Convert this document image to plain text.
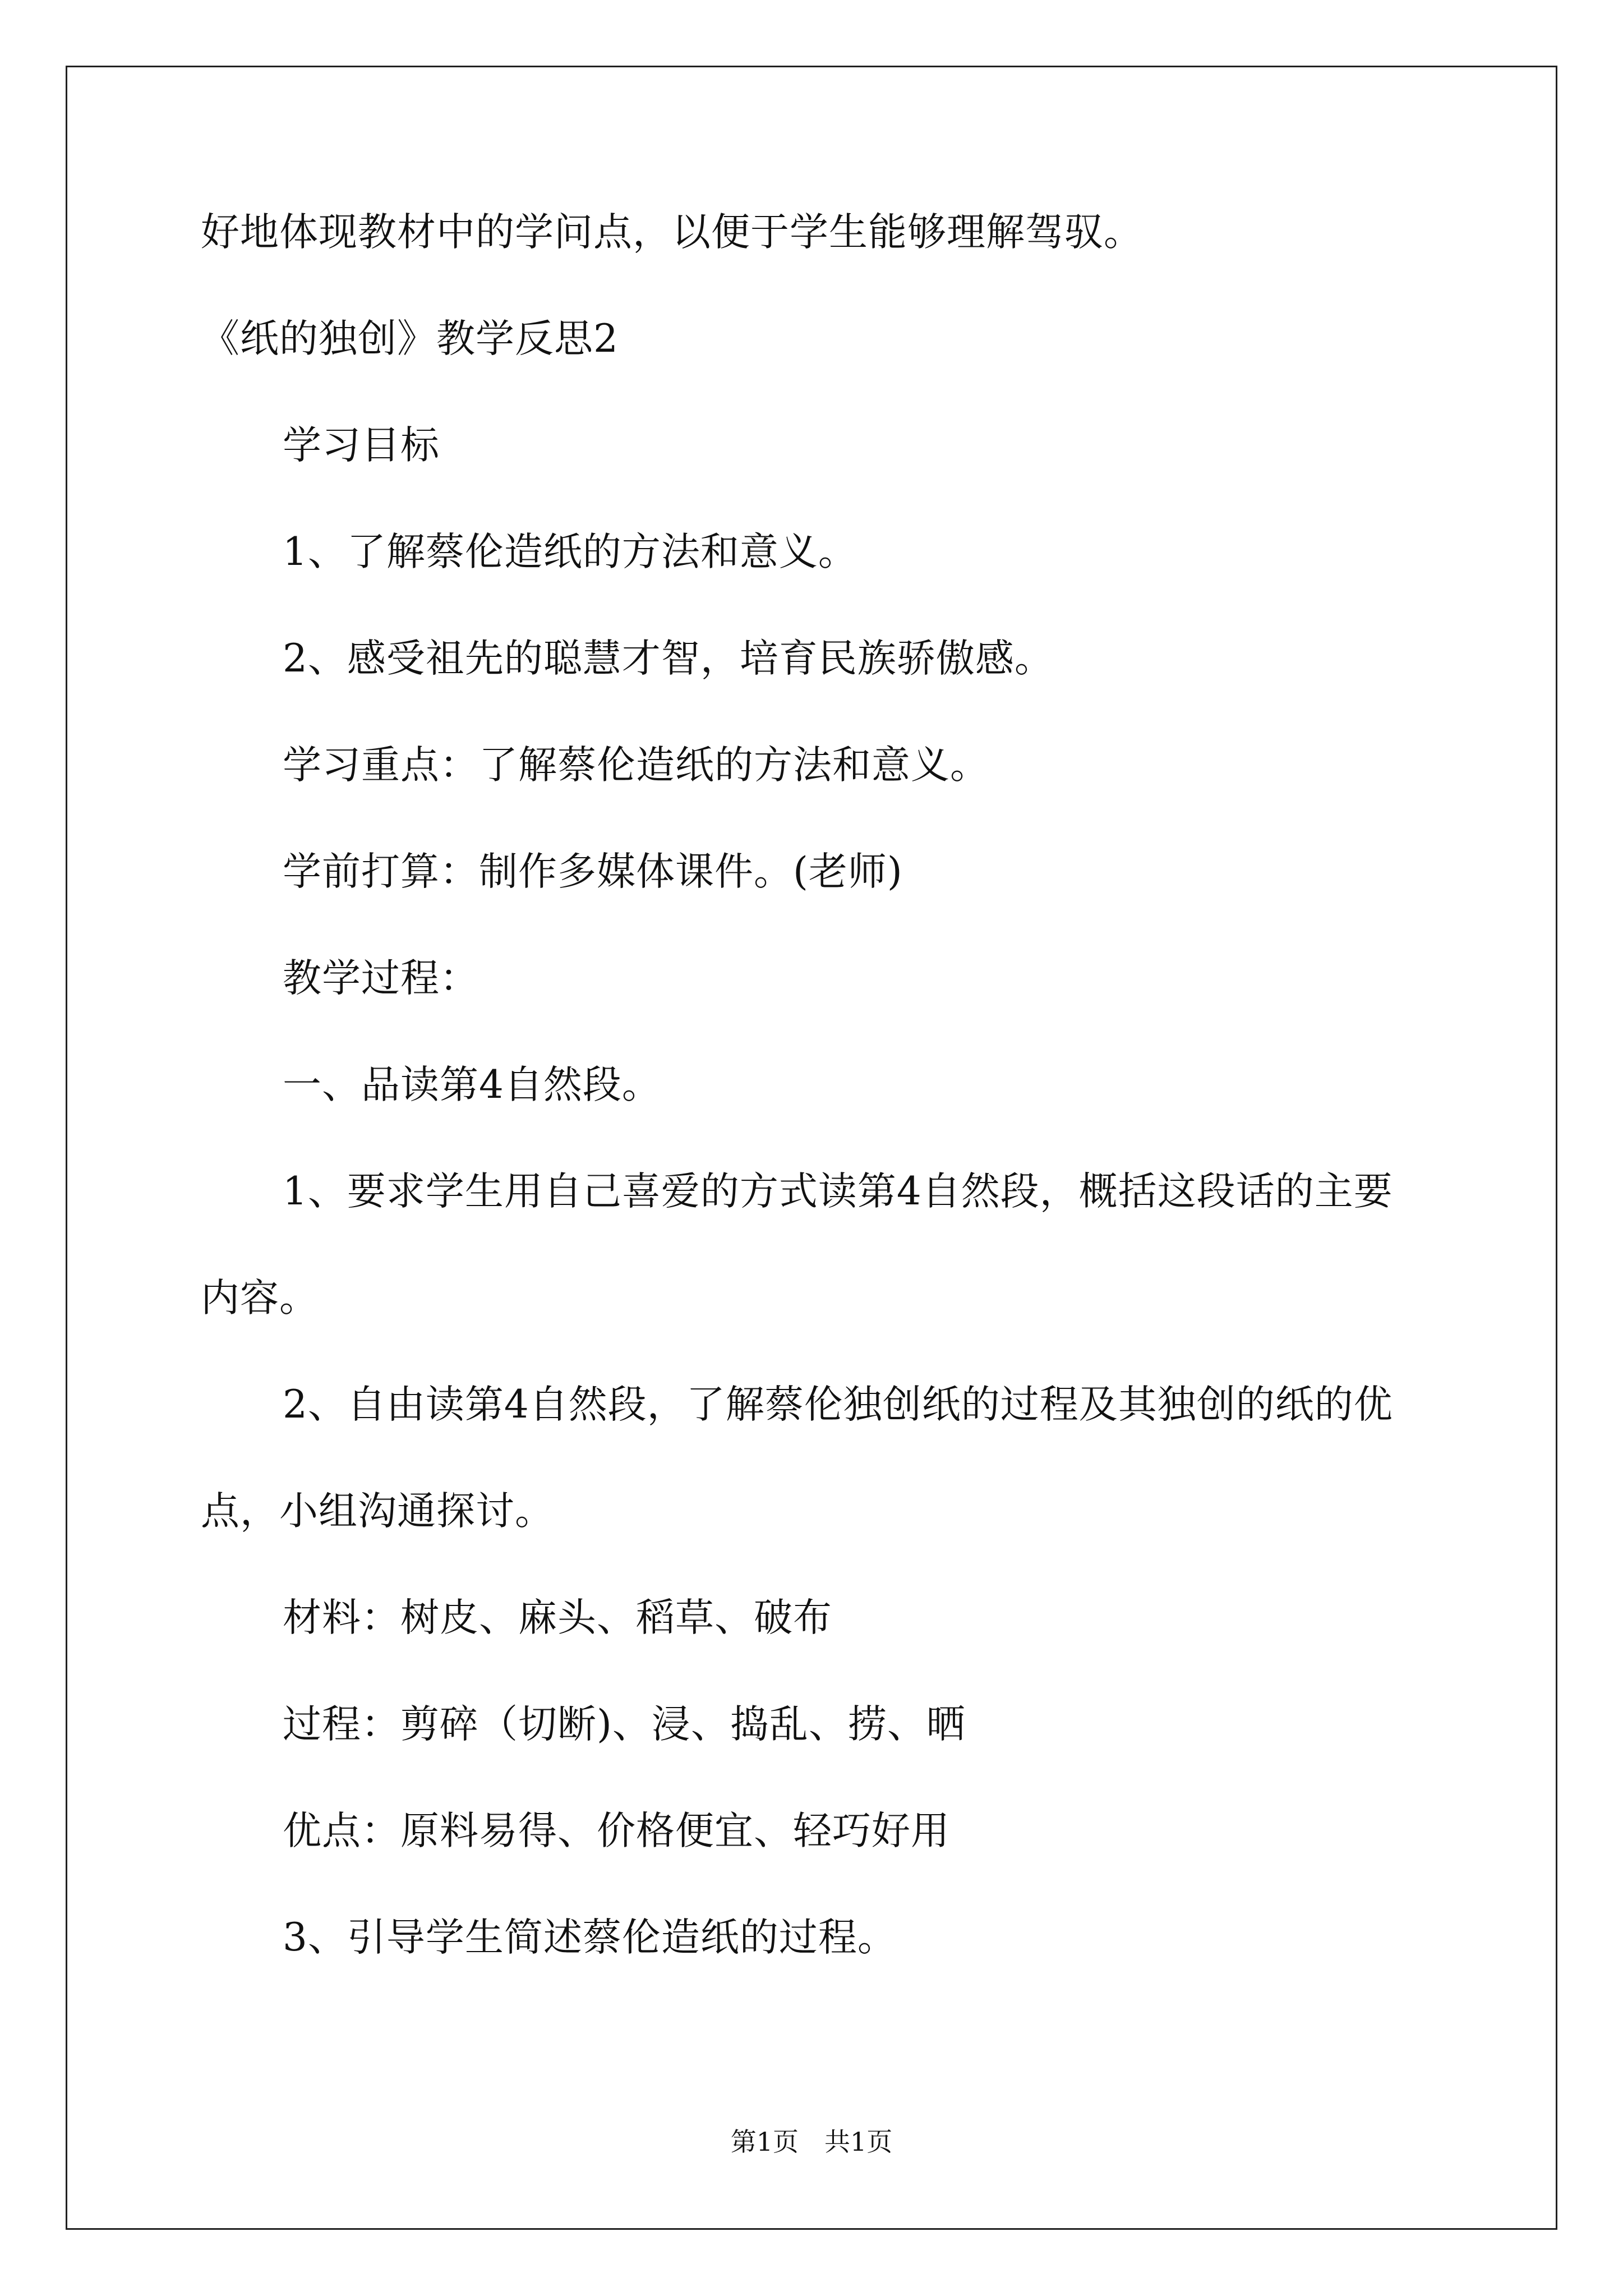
好地体现教材中的学问点，以便于学生能够理解驾驭。
《纸的独创》教学反思2
学习目标
1、了解蔡伦造纸的方法和意义。
2、感受祖先的聪慧才智，培育民族骄傲感。
学习重点：了解蔡伦造纸的方法和意义。
学前打算：制作多媒体课件。(老师)
教学过程：
一、品读第4自然段。
1、要求学生用自己喜爱的方式读第4自然段，概括这段话的主要
内容。
2、自由读第4自然段，了解蔡伦独创纸的过程及其独创的纸的优
点，小组沟通探讨。
材料：树皮、麻头、稻草、破布
过程：剪碎（切断)、浸、捣乱、捞、晒
优点：原料易得、价格便宜、轻巧好用
3、引导学生简述蔡伦造纸的过程。
第1页　共1页
